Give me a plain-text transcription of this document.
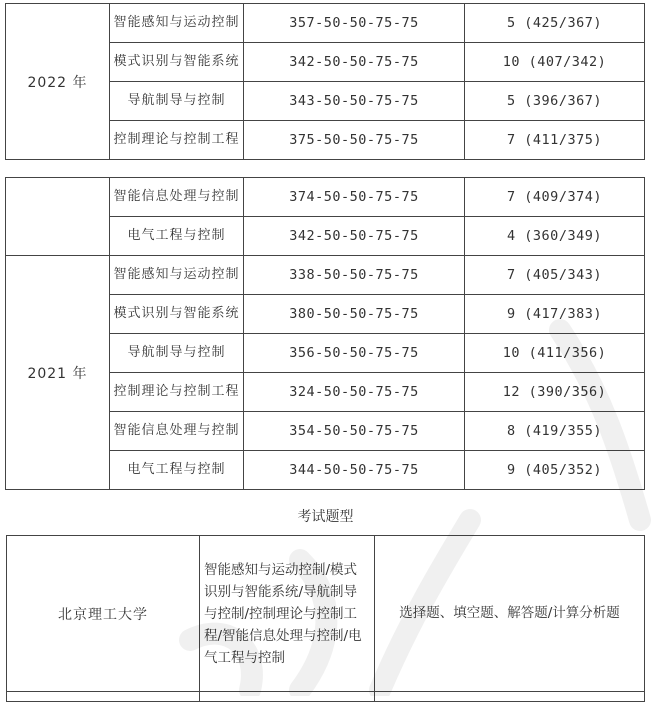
2022 年	智能感知与运动控制	357-50-50-75-75	5 (425/367)
	模式识别与智能系统	342-50-50-75-75	10 (407/342)
	导航制导与控制	343-50-50-75-75	5 (396/367)
	控制理论与控制工程	375-50-50-75-75	7 (411/375)
	智能信息处理与控制	374-50-50-75-75	7 (409/374)
	电气工程与控制	342-50-50-75-75	4 (360/349)
2021 年	智能感知与运动控制	338-50-50-75-75	7 (405/343)
	模式识别与智能系统	380-50-50-75-75	9 (417/383)
	导航制导与控制	356-50-50-75-75	10 (411/356)
	控制理论与控制工程	324-50-50-75-75	12 (390/356)
	智能信息处理与控制	354-50-50-75-75	8 (419/355)
	电气工程与控制	344-50-50-75-75	9 (405/352)
考试题型
北京理工大学	智能感知与运动控制/模式识别与智能系统/导航制导与控制/控制理论与控制工程/智能信息处理与控制/电气工程与控制	选择题、填空题、解答题/计算分析题
